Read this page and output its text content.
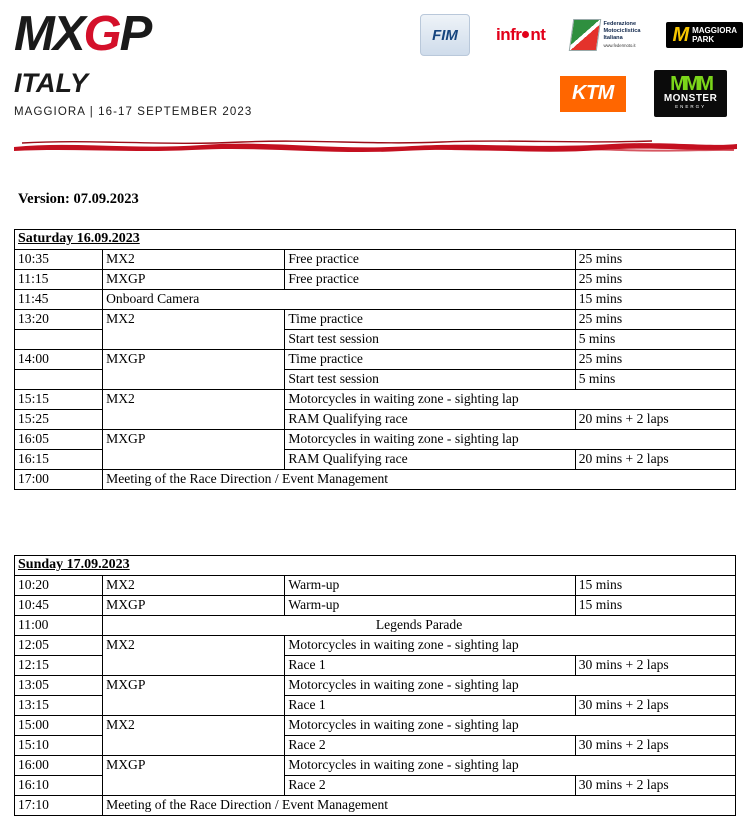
MXGP
ITALY
MAGGIORA | 16-17 SEPTEMBER 2023
FIM	infr nt
Federazione
Motociclistica
Italiana
www.federmoto.it M MAGGIORA
PARK
KTM	MMM
MONSTER
ENERGY
Version: 07.09.2023
Saturday 16.09.2023			
10:35	MX2	Free practice	25 mins
11:15	MXGP	Free practice	25 mins
11:45	Onboard Camera		15 mins
13:20	MX2	Time practice	25 mins
		Start test session	5 mins
14:00	MXGP	Time practice	25 mins
		Start test session	5 mins
15:15	MX2	Motorcycles in waiting zone - sighting lap	
15:25		RAM Qualifying race	20 mins + 2 laps
16:05	MXGP	Motorcycles in waiting zone - sighting lap	
16:15		RAM Qualifying race	20 mins + 2 laps
17:00	Meeting of the Race Direction / Event Management		
Sunday 17.09.2023			
10:20	MX2	Warm-up	15 mins
10:45	MXGP	Warm-up	15 mins
11:00	Legends Parade		
12:05	MX2	Motorcycles in waiting zone - sighting lap	
12:15		Race 1	30 mins + 2 laps
13:05	MXGP	Motorcycles in waiting zone - sighting lap	
13:15		Race 1	30 mins + 2 laps
15:00	MX2	Motorcycles in waiting zone - sighting lap	
15:10		Race 2	30 mins + 2 laps
16:00	MXGP	Motorcycles in waiting zone - sighting lap	
16:10		Race 2	30 mins + 2 laps
17:10	Meeting of the Race Direction / Event Management		
